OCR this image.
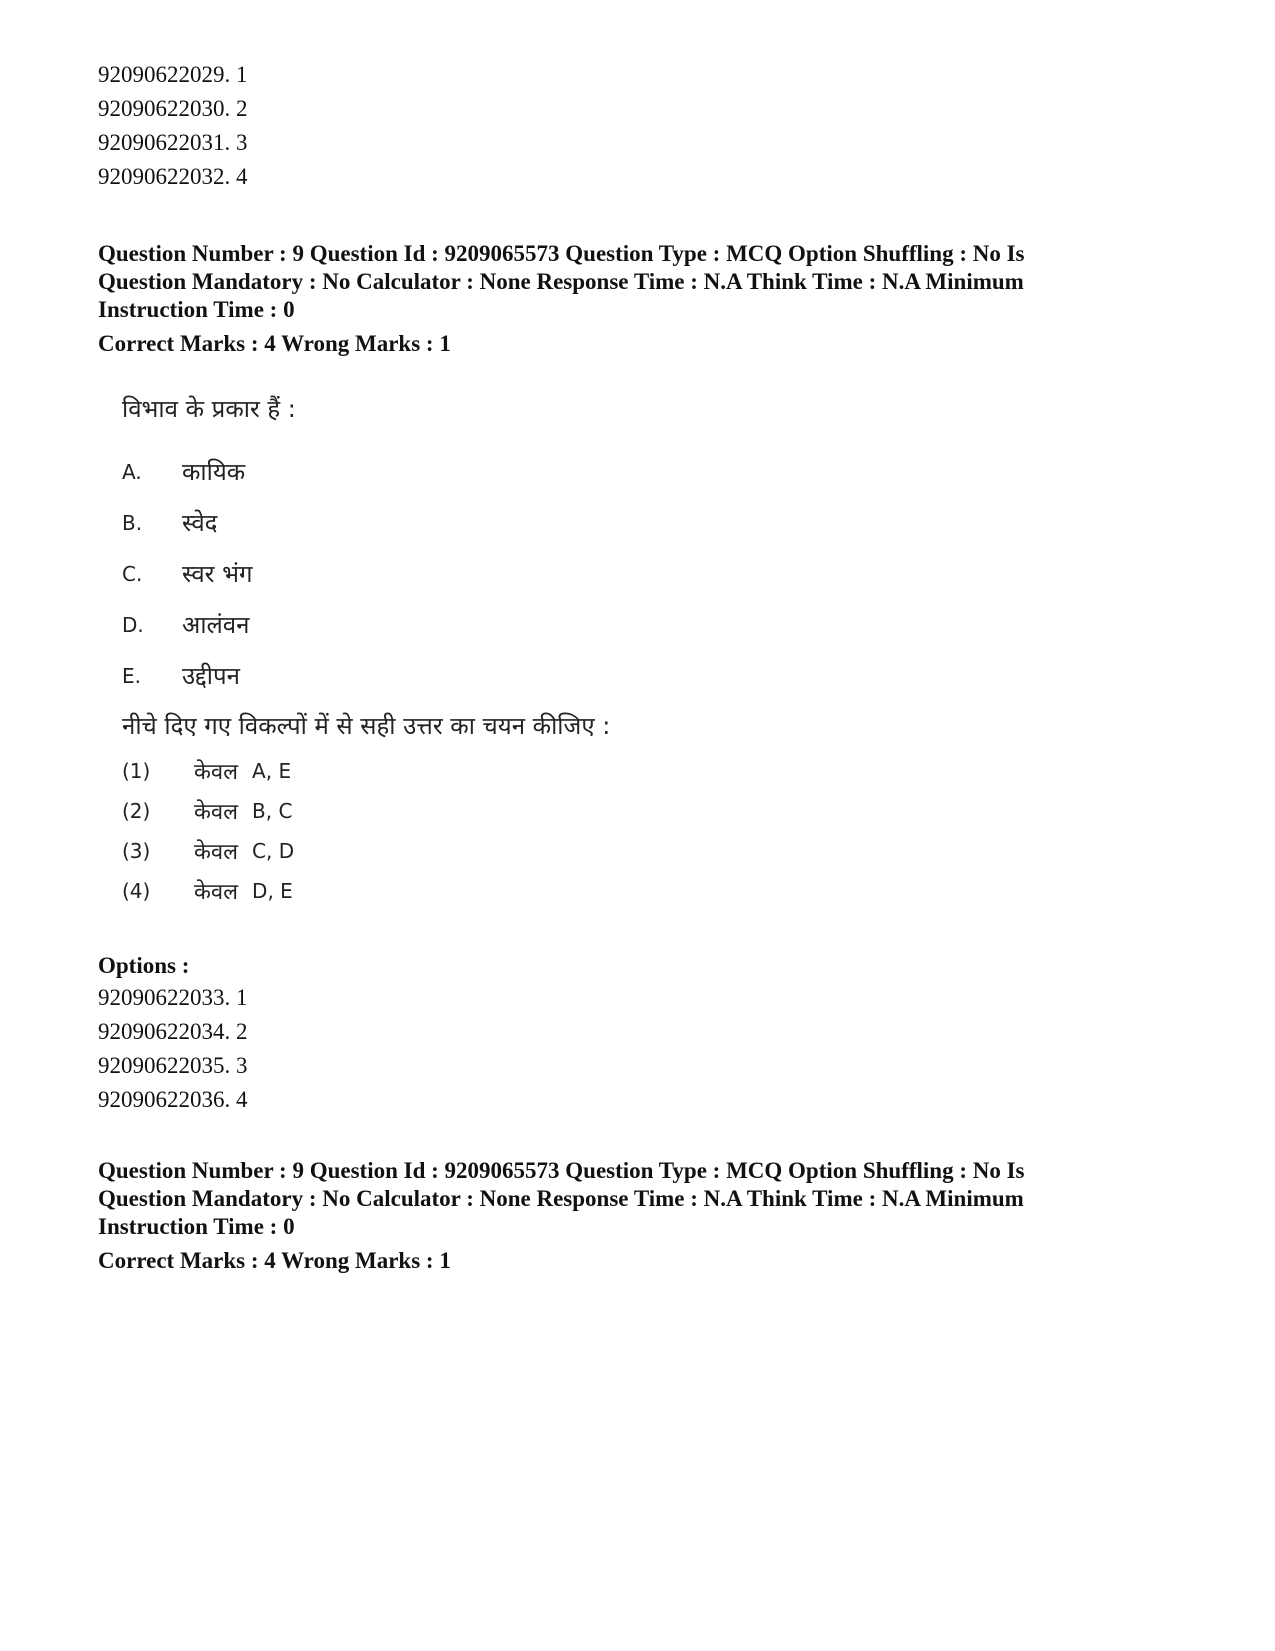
92090622029. 1
92090622030. 2
92090622031. 3
92090622032. 4
Question Number : 9 Question Id : 9209065573 Question Type : MCQ Option Shuffling : No Is Question Mandatory : No Calculator : None Response Time : N.A Think Time : N.A Minimum Instruction Time : 0
Correct Marks : 4 Wrong Marks : 1
विभाव के प्रकार हैं :
A.	कायिक
B.	स्वेद
C.	स्वर भंग
D.	आलंवन
E.	उद्दीपन
नीचे दिए गए विकल्पों में से सही उत्तर का चयन कीजिए :
(1)	केवल A, E
(2)	केवल B, C
(3)	केवल C, D
(4)	केवल D, E
Options :
92090622033. 1
92090622034. 2
92090622035. 3
92090622036. 4
Question Number : 9 Question Id : 9209065573 Question Type : MCQ Option Shuffling : No Is Question Mandatory : No Calculator : None Response Time : N.A Think Time : N.A Minimum Instruction Time : 0
Correct Marks : 4 Wrong Marks : 1
